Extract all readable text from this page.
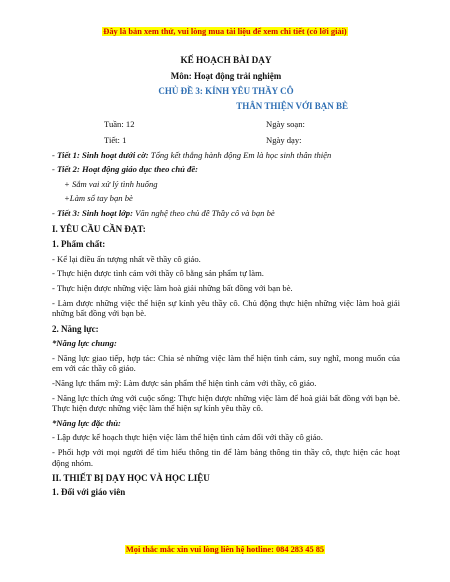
Đây là bản xem thử, vui lòng mua tài liệu để xem chi tiết (có lời giải)

KẾ HOẠCH BÀI DẠY

Môn: Hoạt động trải nghiệm

CHỦ ĐỀ 3: KÍNH YÊU THẦY CÔ

THÂN THIỆN VỚI BẠN BÈ

Tuần: 12	Ngày soạn:
Tiết: 1	Ngày dạy:

- Tiết 1: Sinh hoạt dưới cờ: Tổng kết thắng hành động Em là học sinh thân thiện

- Tiết 2: Hoạt động giáo dục theo chủ đề:

+ Sắm vai xử lý tình huống

+Làm sổ tay bạn bè

- Tiết 3: Sinh hoạt lớp: Văn nghệ theo chủ đề Thầy cô và bạn bè

I. YÊU CẦU CẦN ĐẠT:

1. Phẩm chất:

- Kể lại điều ấn tượng nhất về thầy cô giáo.

- Thực hiện được tình cảm với thầy cô bằng sản phẩm tự làm.

- Thực hiện được những việc làm hoà giải những bất đồng với bạn bè.

- Làm được những việc thể hiện sự kính yêu thầy cô. Chủ động thực hiện những việc làm hoà giải những bất đồng với bạn bè.

2. Năng lực:

*Năng lực chung:

- Năng lực giao tiếp, hợp tác: Chia sẻ những việc làm thể hiện tình cảm, suy nghĩ, mong muốn của em với các thầy cô giáo.

-Năng lực thẩm mỹ: Làm được sản phẩm thể hiện tình cảm với thầy, cô giáo.

- Năng lực thích ứng với cuộc sống: Thực hiện được những việc làm để hoà giải bất đồng với bạn bè. Thực hiện được những việc làm thể hiện sự kính yêu thầy cô.

*Năng lực đặc thù:

- Lập được kế hoạch thực hiện việc làm thể hiện tình cảm đối với thầy cô giáo.

- Phối hợp với mọi người để tìm hiểu thông tin để làm bảng thông tin thầy cô, thực hiện các hoạt động nhóm.

II. THIẾT BỊ DẠY HỌC VÀ HỌC LIỆU

1. Đối với giáo viên

Mọi thắc mắc xin vui lòng liên hệ hotline: 084 283 45 85
